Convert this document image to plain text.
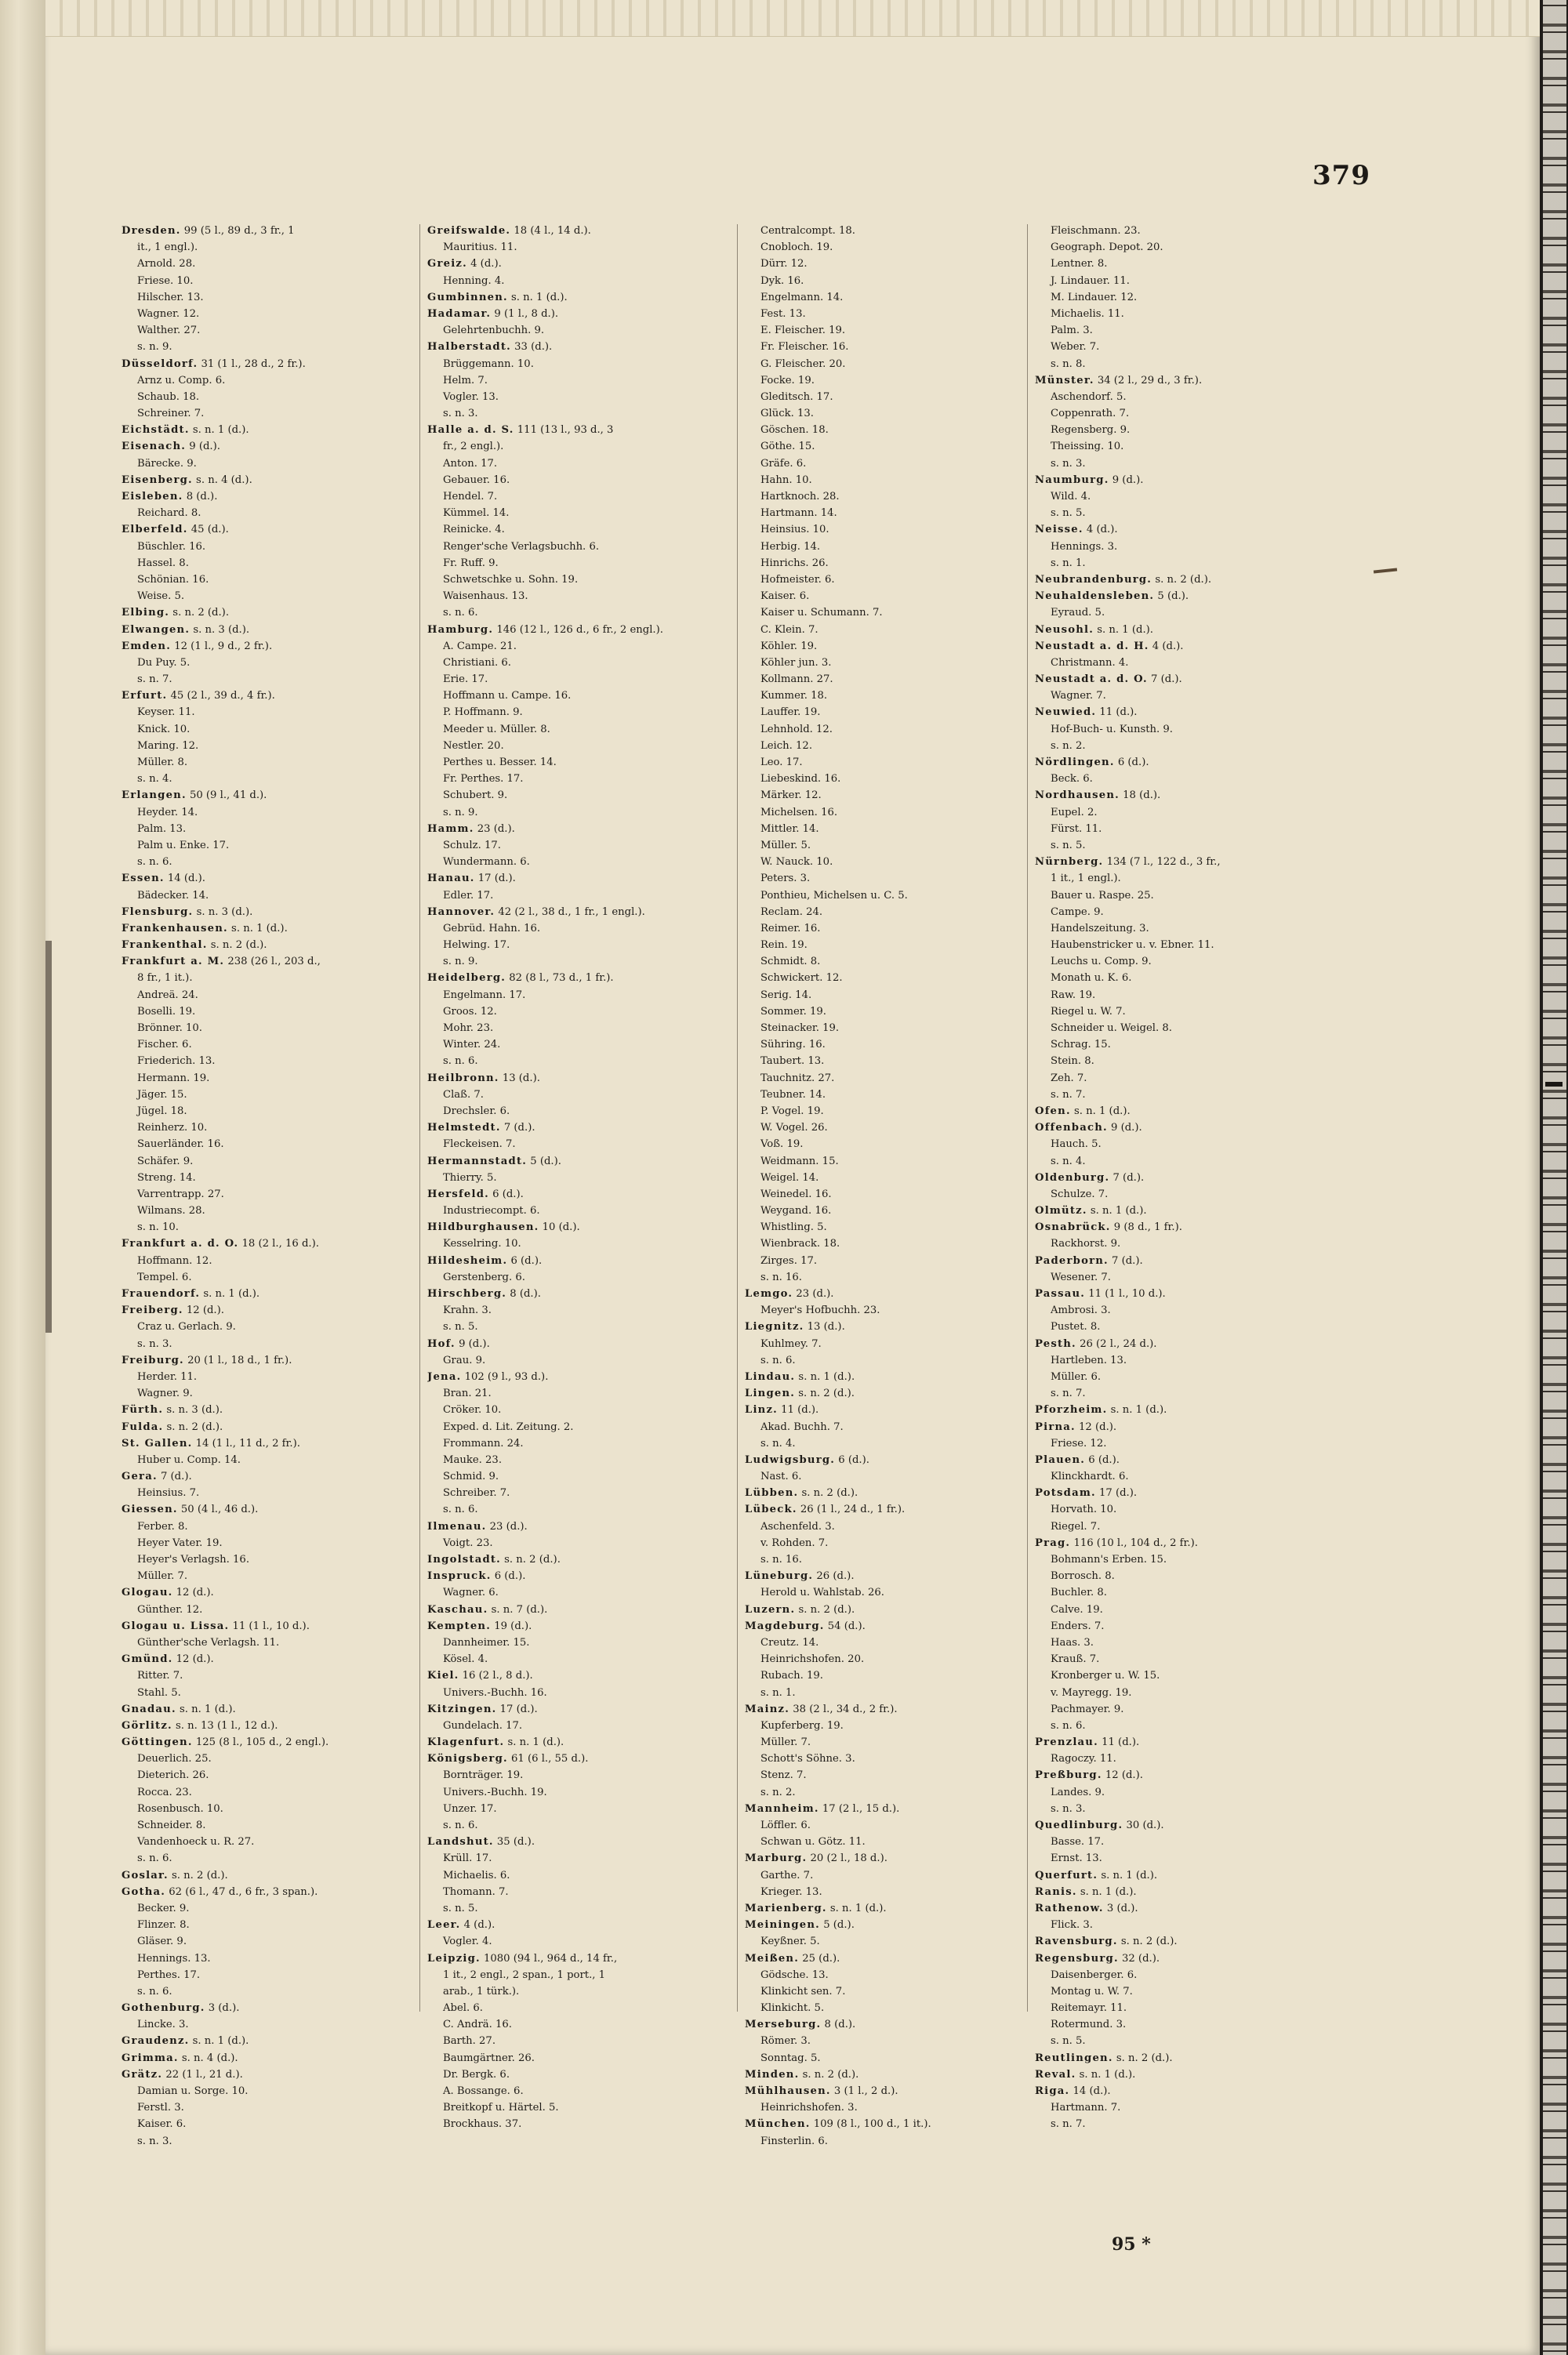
379
Dresden. 99 (5 l., 89 d., 3 fr., 1
it., 1 engl.).
Arnold. 28.
Friese. 10.
Hilscher. 13.
Wagner. 12.
Walther. 27.
s. n. 9.
Düsseldorf. 31 (1 l., 28 d., 2 fr.).
Arnz u. Comp. 6.
Schaub. 18.
Schreiner. 7.
Eichstädt. s. n. 1 (d.).
Eisenach. 9 (d.).
Bärecke. 9.
Eisenberg. s. n. 4 (d.).
Eisleben. 8 (d.).
Reichard. 8.
Elberfeld. 45 (d.).
Büschler. 16.
Hassel. 8.
Schönian. 16.
Weise. 5.
Elbing. s. n. 2 (d.).
Elwangen. s. n. 3 (d.).
Emden. 12 (1 l., 9 d., 2 fr.).
Du Puy. 5.
s. n. 7.
Erfurt. 45 (2 l., 39 d., 4 fr.).
Keyser. 11.
Knick. 10.
Maring. 12.
Müller. 8.
s. n. 4.
Erlangen. 50 (9 l., 41 d.).
Heyder. 14.
Palm. 13.
Palm u. Enke. 17.
s. n. 6.
Essen. 14 (d.).
Bädecker. 14.
Flensburg. s. n. 3 (d.).
Frankenhausen. s. n. 1 (d.).
Frankenthal. s. n. 2 (d.).
Frankfurt a. M. 238 (26 l., 203 d.,
8 fr., 1 it.).
Andreä. 24.
Boselli. 19.
Brönner. 10.
Fischer. 6.
Friederich. 13.
Hermann. 19.
Jäger. 15.
Jügel. 18.
Reinherz. 10.
Sauerländer. 16.
Schäfer. 9.
Streng. 14.
Varrentrapp. 27.
Wilmans. 28.
s. n. 10.
Frankfurt a. d. O. 18 (2 l., 16 d.).
Hoffmann. 12.
Tempel. 6.
Frauendorf. s. n. 1 (d.).
Freiberg. 12 (d.).
Craz u. Gerlach. 9.
s. n. 3.
Freiburg. 20 (1 l., 18 d., 1 fr.).
Herder. 11.
Wagner. 9.
Fürth. s. n. 3 (d.).
Fulda. s. n. 2 (d.).
St. Gallen. 14 (1 l., 11 d., 2 fr.).
Huber u. Comp. 14.
Gera. 7 (d.).
Heinsius. 7.
Giessen. 50 (4 l., 46 d.).
Ferber. 8.
Heyer Vater. 19.
Heyer's Verlagsh. 16.
Müller. 7.
Glogau. 12 (d.).
Günther. 12.
Glogau u. Lissa. 11 (1 l., 10 d.).
Günther'sche Verlagsh. 11.
Gmünd. 12 (d.).
Ritter. 7.
Stahl. 5.
Gnadau. s. n. 1 (d.).
Görlitz. s. n. 13 (1 l., 12 d.).
Göttingen. 125 (8 l., 105 d., 2 engl.).
Deuerlich. 25.
Dieterich. 26.
Rocca. 23.
Rosenbusch. 10.
Schneider. 8.
Vandenhoeck u. R. 27.
s. n. 6.
Goslar. s. n. 2 (d.).
Gotha. 62 (6 l., 47 d., 6 fr., 3 span.).
Becker. 9.
Flinzer. 8.
Gläser. 9.
Hennings. 13.
Perthes. 17.
s. n. 6.
Gothenburg. 3 (d.).
Lincke. 3.
Graudenz. s. n. 1 (d.).
Grimma. s. n. 4 (d.).
Grätz. 22 (1 l., 21 d.).
Damian u. Sorge. 10.
Ferstl. 3.
Kaiser. 6.
s. n. 3.
Greifswalde. 18 (4 l., 14 d.).
Mauritius. 11.
Greiz. 4 (d.).
Henning. 4.
Gumbinnen. s. n. 1 (d.).
Hadamar. 9 (1 l., 8 d.).
Gelehrtenbuchh. 9.
Halberstadt. 33 (d.).
Brüggemann. 10.
Helm. 7.
Vogler. 13.
s. n. 3.
Halle a. d. S. 111 (13 l., 93 d., 3
fr., 2 engl.).
Anton. 17.
Gebauer. 16.
Hendel. 7.
Kümmel. 14.
Reinicke. 4.
Renger'sche Verlagsbuchh. 6.
Fr. Ruff. 9.
Schwetschke u. Sohn. 19.
Waisenhaus. 13.
s. n. 6.
Hamburg. 146 (12 l., 126 d., 6 fr., 2 engl.).
A. Campe. 21.
Christiani. 6.
Erie. 17.
Hoffmann u. Campe. 16.
P. Hoffmann. 9.
Meeder u. Müller. 8.
Nestler. 20.
Perthes u. Besser. 14.
Fr. Perthes. 17.
Schubert. 9.
s. n. 9.
Hamm. 23 (d.).
Schulz. 17.
Wundermann. 6.
Hanau. 17 (d.).
Edler. 17.
Hannover. 42 (2 l., 38 d., 1 fr., 1 engl.).
Gebrüd. Hahn. 16.
Helwing. 17.
s. n. 9.
Heidelberg. 82 (8 l., 73 d., 1 fr.).
Engelmann. 17.
Groos. 12.
Mohr. 23.
Winter. 24.
s. n. 6.
Heilbronn. 13 (d.).
Claß. 7.
Drechsler. 6.
Helmstedt. 7 (d.).
Fleckeisen. 7.
Hermannstadt. 5 (d.).
Thierry. 5.
Hersfeld. 6 (d.).
Industriecompt. 6.
Hildburghausen. 10 (d.).
Kesselring. 10.
Hildesheim. 6 (d.).
Gerstenberg. 6.
Hirschberg. 8 (d.).
Krahn. 3.
s. n. 5.
Hof. 9 (d.).
Grau. 9.
Jena. 102 (9 l., 93 d.).
Bran. 21.
Cröker. 10.
Exped. d. Lit. Zeitung. 2.
Frommann. 24.
Mauke. 23.
Schmid. 9.
Schreiber. 7.
s. n. 6.
Ilmenau. 23 (d.).
Voigt. 23.
Ingolstadt. s. n. 2 (d.).
Inspruck. 6 (d.).
Wagner. 6.
Kaschau. s. n. 7 (d.).
Kempten. 19 (d.).
Dannheimer. 15.
Kösel. 4.
Kiel. 16 (2 l., 8 d.).
Univers.-Buchh. 16.
Kitzingen. 17 (d.).
Gundelach. 17.
Klagenfurt. s. n. 1 (d.).
Königsberg. 61 (6 l., 55 d.).
Bornträger. 19.
Univers.-Buchh. 19.
Unzer. 17.
s. n. 6.
Landshut. 35 (d.).
Krüll. 17.
Michaelis. 6.
Thomann. 7.
s. n. 5.
Leer. 4 (d.).
Vogler. 4.
Leipzig. 1080 (94 l., 964 d., 14 fr.,
1 it., 2 engl., 2 span., 1 port., 1
arab., 1 türk.).
Abel. 6.
C. Andrä. 16.
Barth. 27.
Baumgärtner. 26.
Dr. Bergk. 6.
A. Bossange. 6.
Breitkopf u. Härtel. 5.
Brockhaus. 37.
Centralcompt. 18.
Cnobloch. 19.
Dürr. 12.
Dyk. 16.
Engelmann. 14.
Fest. 13.
E. Fleischer. 19.
Fr. Fleischer. 16.
G. Fleischer. 20.
Focke. 19.
Gleditsch. 17.
Glück. 13.
Göschen. 18.
Göthe. 15.
Gräfe. 6.
Hahn. 10.
Hartknoch. 28.
Hartmann. 14.
Heinsius. 10.
Herbig. 14.
Hinrichs. 26.
Hofmeister. 6.
Kaiser. 6.
Kaiser u. Schumann. 7.
C. Klein. 7.
Köhler. 19.
Köhler jun. 3.
Kollmann. 27.
Kummer. 18.
Lauffer. 19.
Lehnhold. 12.
Leich. 12.
Leo. 17.
Liebeskind. 16.
Märker. 12.
Michelsen. 16.
Mittler. 14.
Müller. 5.
W. Nauck. 10.
Peters. 3.
Ponthieu, Michelsen u. C. 5.
Reclam. 24.
Reimer. 16.
Rein. 19.
Schmidt. 8.
Schwickert. 12.
Serig. 14.
Sommer. 19.
Steinacker. 19.
Sühring. 16.
Taubert. 13.
Tauchnitz. 27.
Teubner. 14.
P. Vogel. 19.
W. Vogel. 26.
Voß. 19.
Weidmann. 15.
Weigel. 14.
Weinedel. 16.
Weygand. 16.
Whistling. 5.
Wienbrack. 18.
Zirges. 17.
s. n. 16.
Lemgo. 23 (d.).
Meyer's Hofbuchh. 23.
Liegnitz. 13 (d.).
Kuhlmey. 7.
s. n. 6.
Lindau. s. n. 1 (d.).
Lingen. s. n. 2 (d.).
Linz. 11 (d.).
Akad. Buchh. 7.
s. n. 4.
Ludwigsburg. 6 (d.).
Nast. 6.
Lübben. s. n. 2 (d.).
Lübeck. 26 (1 l., 24 d., 1 fr.).
Aschenfeld. 3.
v. Rohden. 7.
s. n. 16.
Lüneburg. 26 (d.).
Herold u. Wahlstab. 26.
Luzern. s. n. 2 (d.).
Magdeburg. 54 (d.).
Creutz. 14.
Heinrichshofen. 20.
Rubach. 19.
s. n. 1.
Mainz. 38 (2 l., 34 d., 2 fr.).
Kupferberg. 19.
Müller. 7.
Schott's Söhne. 3.
Stenz. 7.
s. n. 2.
Mannheim. 17 (2 l., 15 d.).
Löffler. 6.
Schwan u. Götz. 11.
Marburg. 20 (2 l., 18 d.).
Garthe. 7.
Krieger. 13.
Marienberg. s. n. 1 (d.).
Meiningen. 5 (d.).
Keyßner. 5.
Meißen. 25 (d.).
Gödsche. 13.
Klinkicht sen. 7.
Klinkicht. 5.
Merseburg. 8 (d.).
Römer. 3.
Sonntag. 5.
Minden. s. n. 2 (d.).
Mühlhausen. 3 (1 l., 2 d.).
Heinrichshofen. 3.
München. 109 (8 l., 100 d., 1 it.).
Finsterlin. 6.
Fleischmann. 23.
Geograph. Depot. 20.
Lentner. 8.
J. Lindauer. 11.
M. Lindauer. 12.
Michaelis. 11.
Palm. 3.
Weber. 7.
s. n. 8.
Münster. 34 (2 l., 29 d., 3 fr.).
Aschendorf. 5.
Coppenrath. 7.
Regensberg. 9.
Theissing. 10.
s. n. 3.
Naumburg. 9 (d.).
Wild. 4.
s. n. 5.
Neisse. 4 (d.).
Hennings. 3.
s. n. 1.
Neubrandenburg. s. n. 2 (d.).
Neuhaldensleben. 5 (d.).
Eyraud. 5.
Neusohl. s. n. 1 (d.).
Neustadt a. d. H. 4 (d.).
Christmann. 4.
Neustadt a. d. O. 7 (d.).
Wagner. 7.
Neuwied. 11 (d.).
Hof-Buch- u. Kunsth. 9.
s. n. 2.
Nördlingen. 6 (d.).
Beck. 6.
Nordhausen. 18 (d.).
Eupel. 2.
Fürst. 11.
s. n. 5.
Nürnberg. 134 (7 l., 122 d., 3 fr.,
1 it., 1 engl.).
Bauer u. Raspe. 25.
Campe. 9.
Handelszeitung. 3.
Haubenstricker u. v. Ebner. 11.
Leuchs u. Comp. 9.
Monath u. K. 6.
Raw. 19.
Riegel u. W. 7.
Schneider u. Weigel. 8.
Schrag. 15.
Stein. 8.
Zeh. 7.
s. n. 7.
Ofen. s. n. 1 (d.).
Offenbach. 9 (d.).
Hauch. 5.
s. n. 4.
Oldenburg. 7 (d.).
Schulze. 7.
Olmütz. s. n. 1 (d.).
Osnabrück. 9 (8 d., 1 fr.).
Rackhorst. 9.
Paderborn. 7 (d.).
Wesener. 7.
Passau. 11 (1 l., 10 d.).
Ambrosi. 3.
Pustet. 8.
Pesth. 26 (2 l., 24 d.).
Hartleben. 13.
Müller. 6.
s. n. 7.
Pforzheim. s. n. 1 (d.).
Pirna. 12 (d.).
Friese. 12.
Plauen. 6 (d.).
Klinckhardt. 6.
Potsdam. 17 (d.).
Horvath. 10.
Riegel. 7.
Prag. 116 (10 l., 104 d., 2 fr.).
Bohmann's Erben. 15.
Borrosch. 8.
Buchler. 8.
Calve. 19.
Enders. 7.
Haas. 3.
Krauß. 7.
Kronberger u. W. 15.
v. Mayregg. 19.
Pachmayer. 9.
s. n. 6.
Prenzlau. 11 (d.).
Ragoczy. 11.
Preßburg. 12 (d.).
Landes. 9.
s. n. 3.
Quedlinburg. 30 (d.).
Basse. 17.
Ernst. 13.
Querfurt. s. n. 1 (d.).
Ranis. s. n. 1 (d.).
Rathenow. 3 (d.).
Flick. 3.
Ravensburg. s. n. 2 (d.).
Regensburg. 32 (d.).
Daisenberger. 6.
Montag u. W. 7.
Reitemayr. 11.
Rotermund. 3.
s. n. 5.
Reutlingen. s. n. 2 (d.).
Reval. s. n. 1 (d.).
Riga. 14 (d.).
Hartmann. 7.
s. n. 7.
95 *
